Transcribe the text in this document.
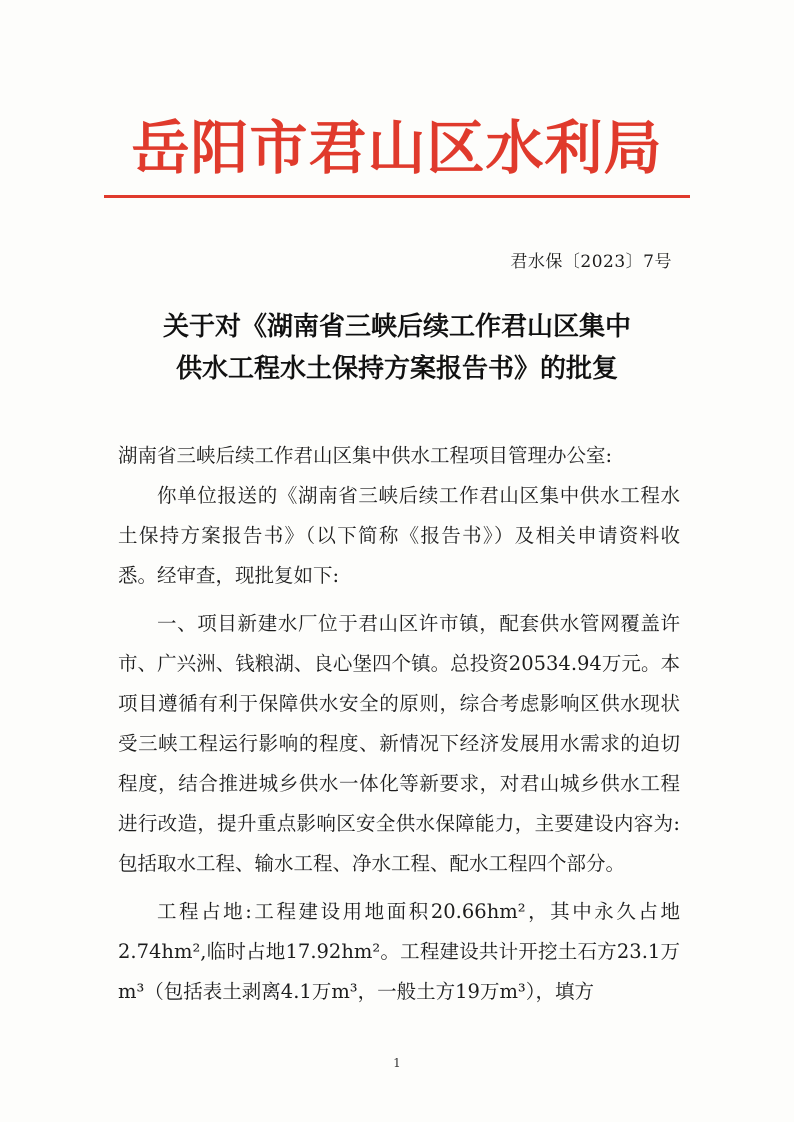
岳阳市君山区水利局
君水保〔2023〕7号
关于对《湖南省三峡后续工作君山区集中
供水工程水土保持方案报告书》的批复

湖南省三峡后续工作君山区集中供水工程项目管理办公室:

你单位报送的《湖南省三峡后续工作君山区集中供水工程水土保持方案报告书》（以下简称《报告书》）及相关申请资料收悉。经审查，现批复如下:

一、项目新建水厂位于君山区许市镇，配套供水管网覆盖许市、广兴洲、钱粮湖、良心堡四个镇。总投资20534.94万元。本项目遵循有利于保障供水安全的原则，综合考虑影响区供水现状受三峡工程运行影响的程度、新情况下经济发展用水需求的迫切程度，结合推进城乡供水一体化等新要求，对君山城乡供水工程进行改造，提升重点影响区安全供水保障能力，主要建设内容为:包括取水工程、输水工程、净水工程、配水工程四个部分。

工程占地:工程建设用地面积20.66hm²，其中永久占地2.74hm²,临时占地17.92hm²。工程建设共计开挖土石方23.1万m³（包括表土剥离4.1万m³，一般土方19万m³），填方

1
